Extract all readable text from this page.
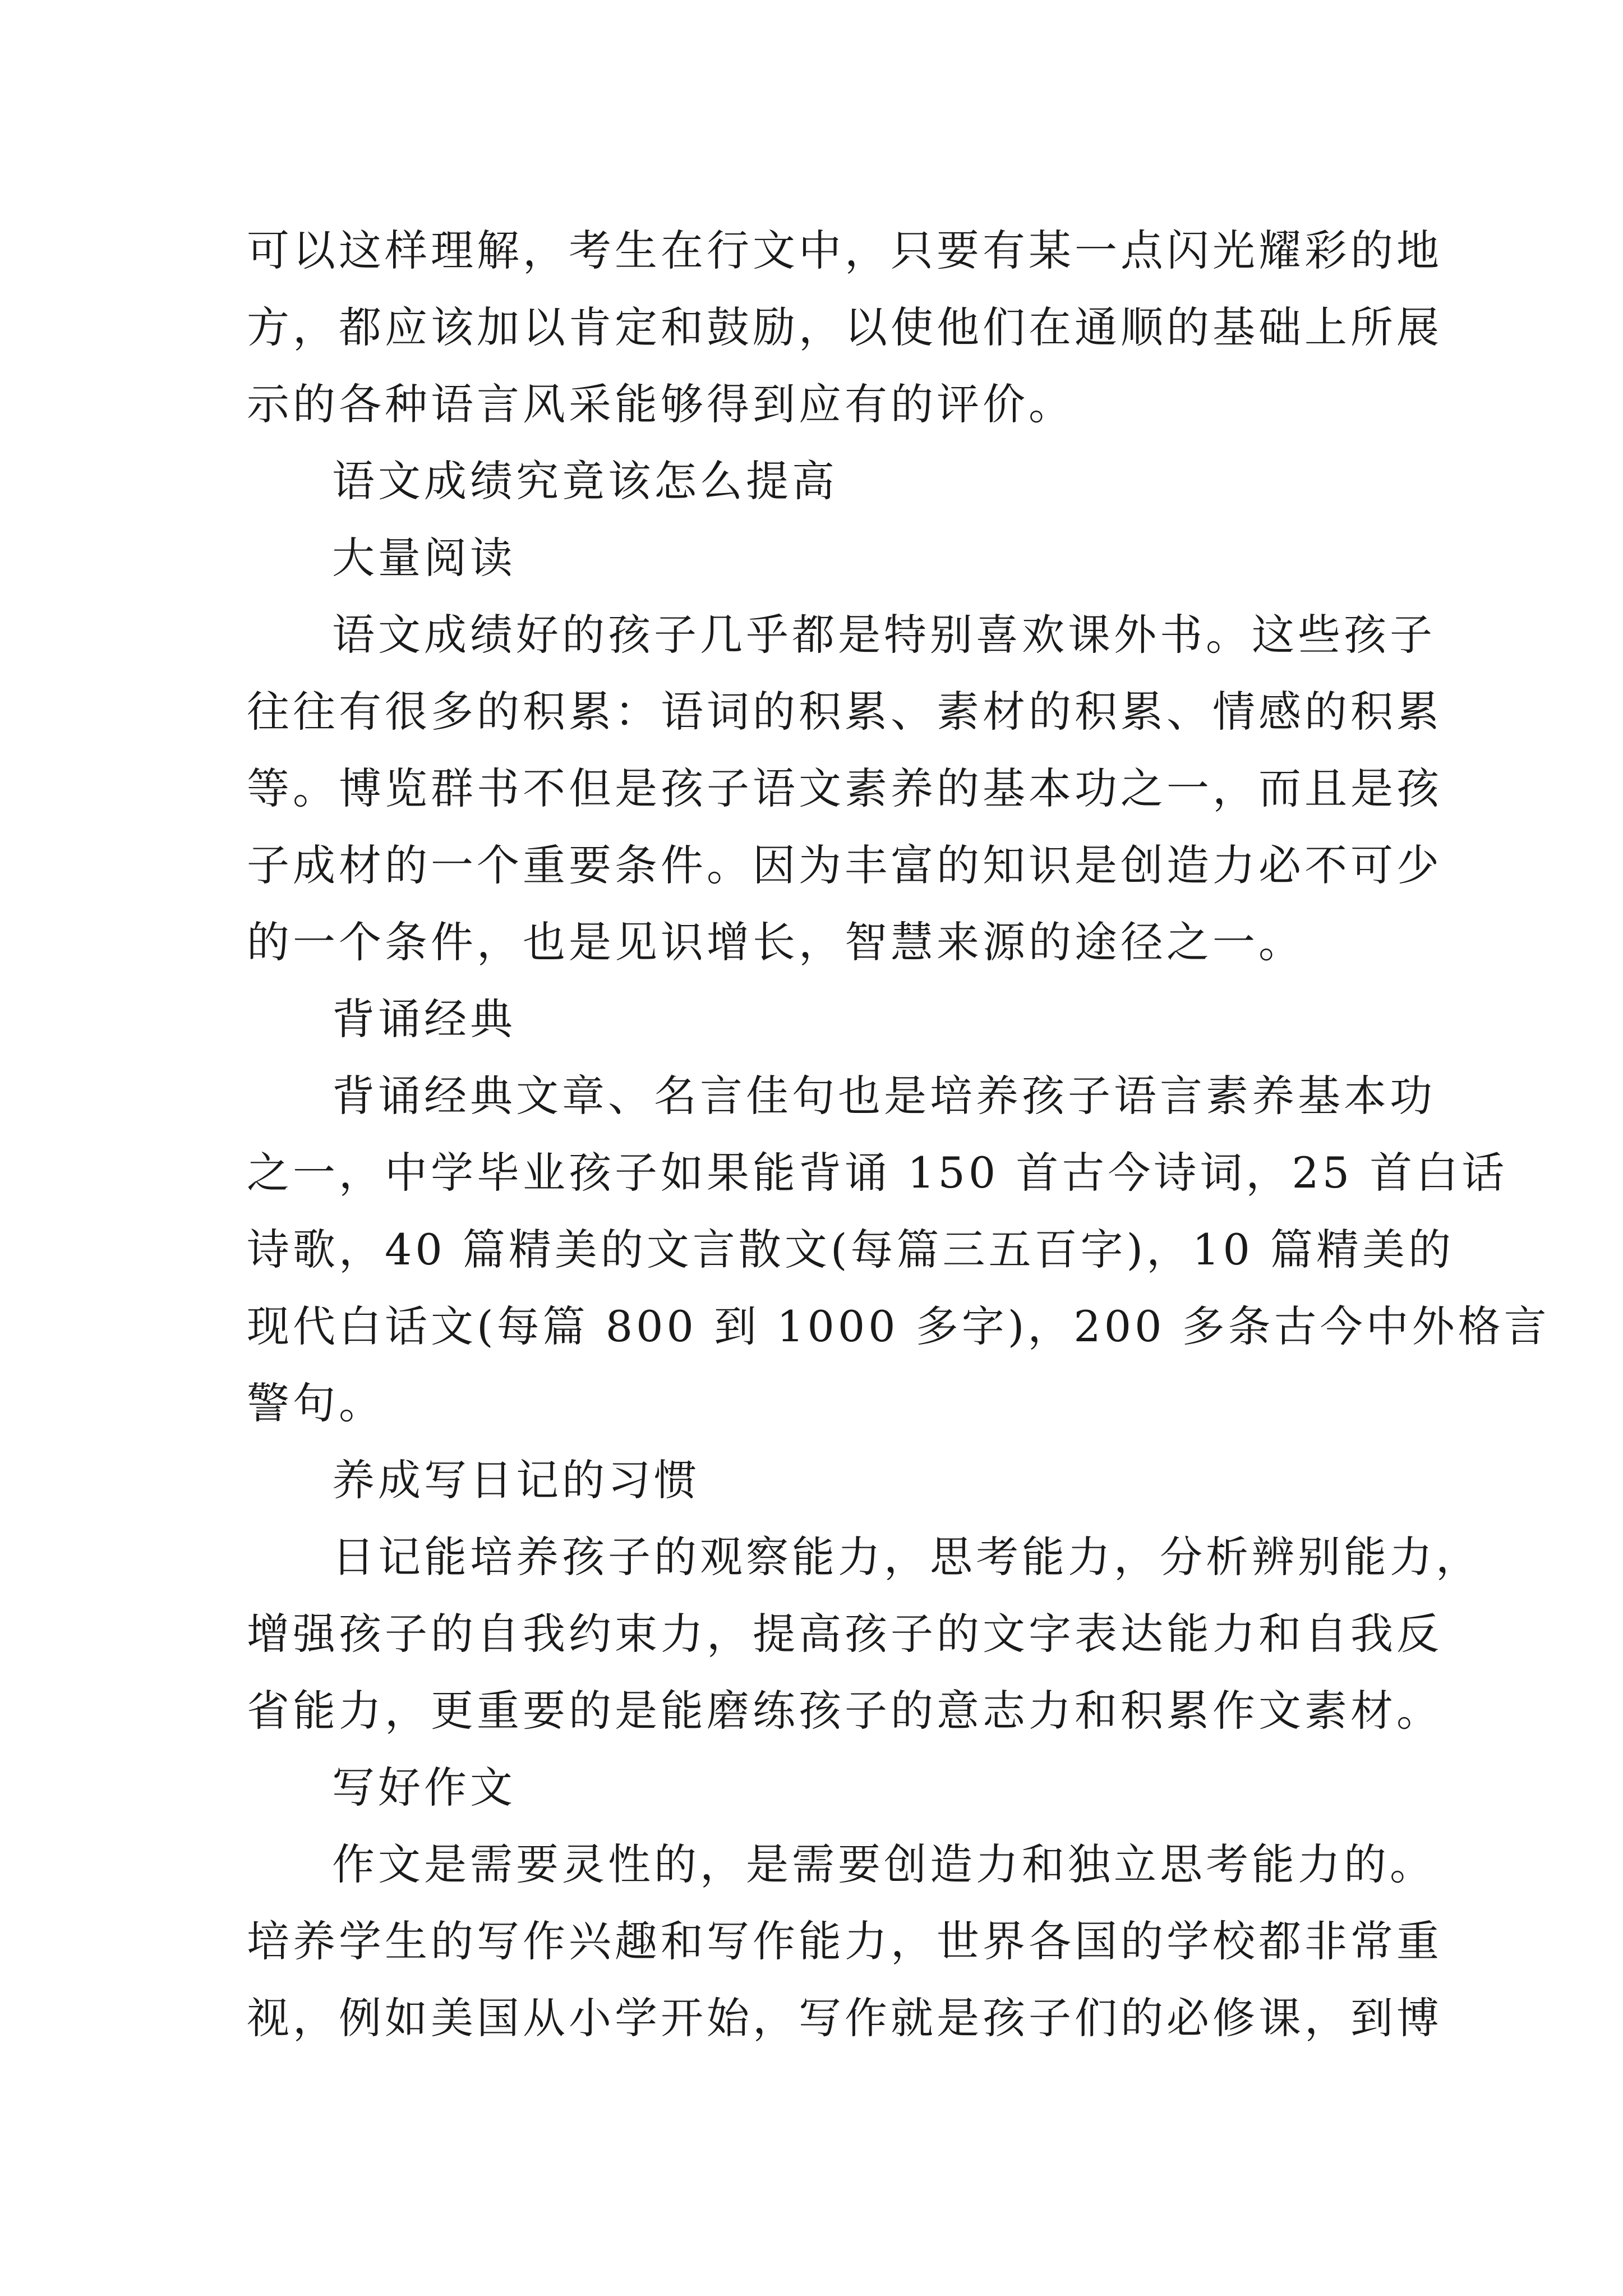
可以这样理解，考生在行文中，只要有某一点闪光耀彩的地
方，都应该加以肯定和鼓励，以使他们在通顺的基础上所展
示的各种语言风采能够得到应有的评价。
语文成绩究竟该怎么提高
大量阅读
语文成绩好的孩子几乎都是特别喜欢课外书。这些孩子
往往有很多的积累：语词的积累、素材的积累、情感的积累
等。博览群书不但是孩子语文素养的基本功之一，而且是孩
子成材的一个重要条件。因为丰富的知识是创造力必不可少
的一个条件，也是见识增长，智慧来源的途径之一。
背诵经典
背诵经典文章、名言佳句也是培养孩子语言素养基本功
之一，中学毕业孩子如果能背诵 150 首古今诗词，25 首白话
诗歌，40 篇精美的文言散文(每篇三五百字)，10 篇精美的
现代白话文(每篇 800 到 1000 多字)，200 多条古今中外格言
警句。
养成写日记的习惯
日记能培养孩子的观察能力，思考能力，分析辨别能力，
增强孩子的自我约束力，提高孩子的文字表达能力和自我反
省能力，更重要的是能磨练孩子的意志力和积累作文素材。
写好作文
作文是需要灵性的，是需要创造力和独立思考能力的。
培养学生的写作兴趣和写作能力，世界各国的学校都非常重
视，例如美国从小学开始，写作就是孩子们的必修课，到博
